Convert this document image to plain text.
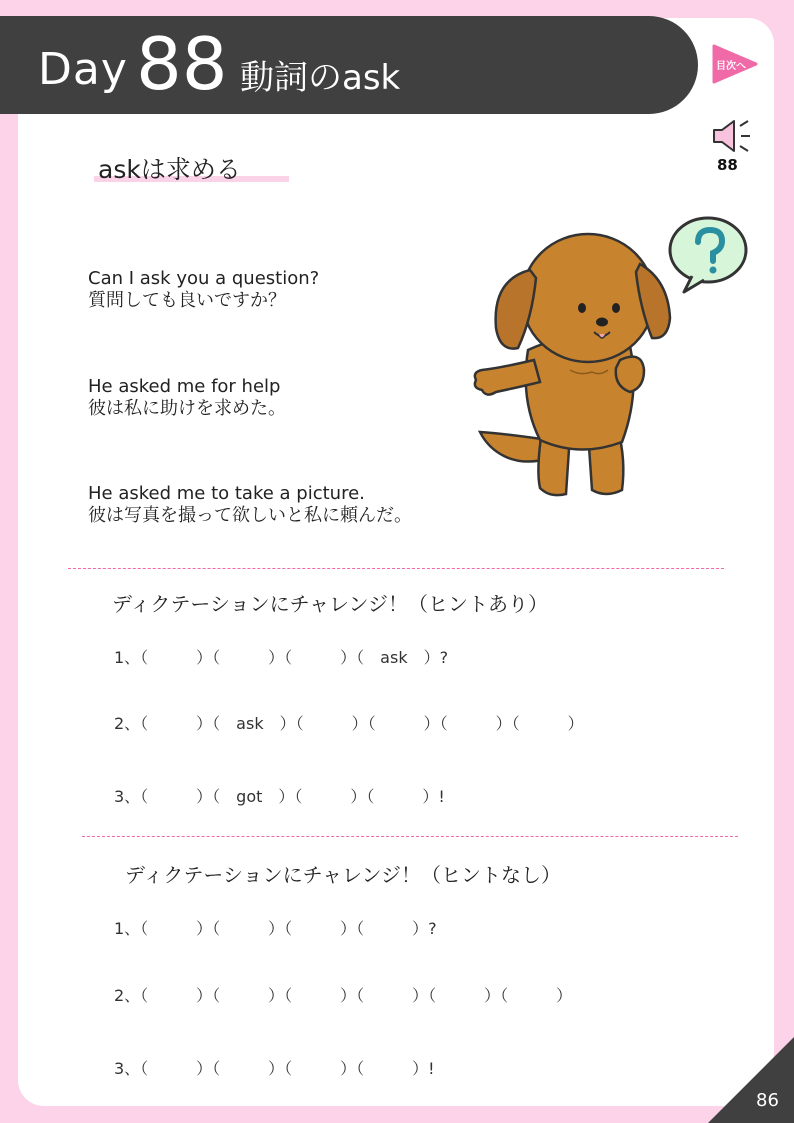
Day 88 動詞のask	目次へ
88
askは求める
Can I ask you a question?
質問しても良いですか？
He asked me for help
彼は私に助けを求めた。
He asked me to take a picture.
彼は写真を撮って欲しいと私に頼んだ。
ディクテーションにチャレンジ！（ヒントあり）
1、（　　　）（　　　）（　　　）（　ask　）?
2、（　　　）（　ask　）（　　　）（　　　）（　　　）（　　　）
3、（　　　）（　got　）（　　　）（　　　）!
ディクテーションにチャレンジ！（ヒントなし）
1、（　　　）（　　　）（　　　）（　　　）?
2、（　　　）（　　　）（　　　）（　　　）（　　　）（　　　）
3、（　　　）（　　　）（　　　）（　　　）!
86
